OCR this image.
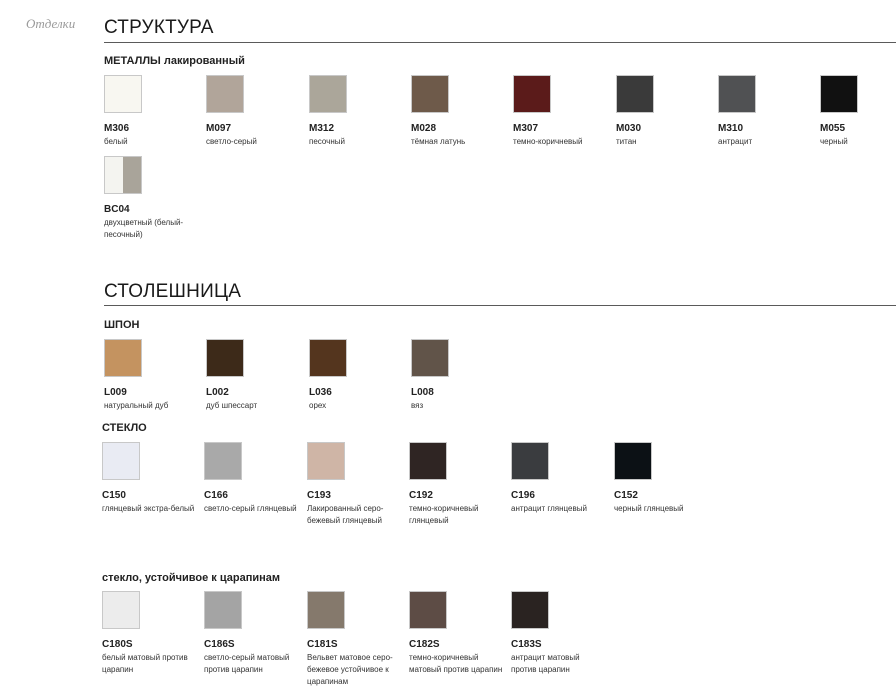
Отделки СТРУКТУРА
СТОЛЕШНИЦА
МЕТАЛЛЫ лакированный
ШПОН
СТЕКЛО
стекло, устойчивое к царапинам
M306
белый
M097
светло-серый
M312
песочный
M028
тёмная латунь
M307
темно-коричневый
M030
титан
M310
антрацит
M055
черный
BC04
двухцветный (белый-песочный)
L009
натуральный дуб
L002
дуб шпессарт
L036
орех
L008
вяз
C150
глянцевый экстра-белый
C166
светло-серый глянцевый
C193
Лакированный серо-бежевый глянцевый
C192
темно-коричневый глянцевый
C196
антрацит глянцевый
C152
черный глянцевый
C180S
белый матовый против царапин
C186S
светло-серый матовый против царапин
C181S
Вельвет матовое серо-бежевое устойчивое к царапинам
C182S
темно-коричневый матовый против царапин
C183S
антрацит матовый против царапин
